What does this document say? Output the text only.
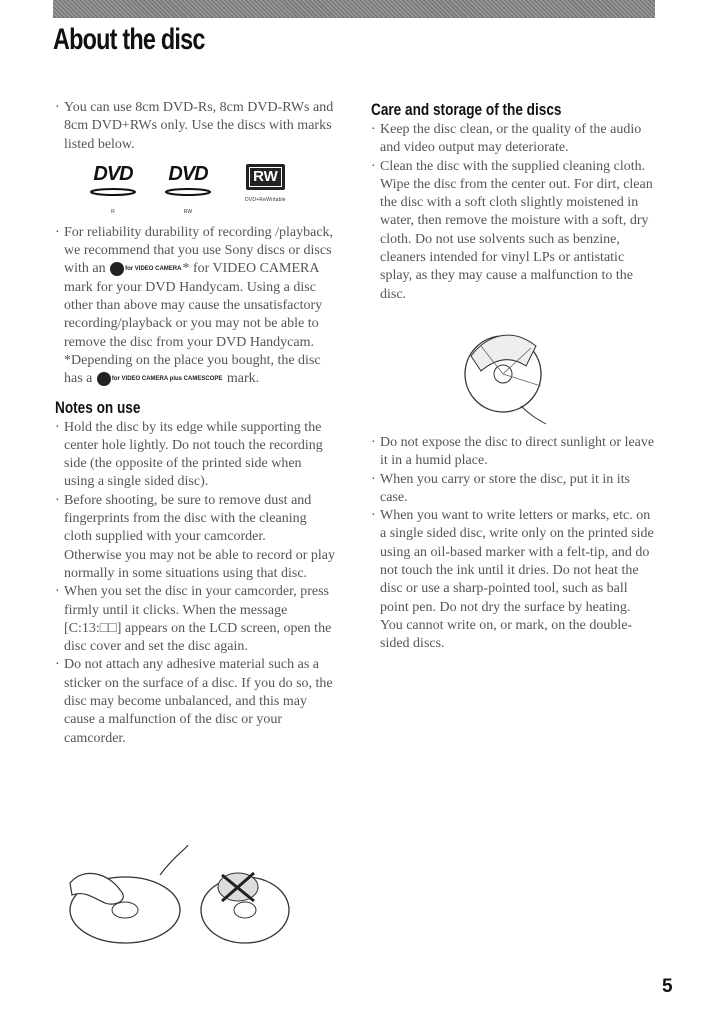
About the disc

· You can use 8cm DVD-Rs, 8cm DVD-RWs and 8cm DVD+RWs only. Use the discs with marks listed below.

DVD
R
DVD
RW
RW
DVD+ReWritable

· For reliability durability of recording /playback, we recommend that you use Sony discs or discs with an	for VIDEO CAMERA* for VIDEO CAMERA mark for your DVD Handycam. Using a disc other than above may cause the unsatisfactory recording/playback or you may not be able to remove the disc from your DVD Handycam.

*Depending on the place you bought, the disc has a	for VIDEO CAMERA plus CAMESCOPE mark.

Notes on use

· Hold the disc by its edge while supporting the center hole lightly. Do not touch the recording side (the opposite of the printed side when using a single sided disc).

· Before shooting, be sure to remove dust and fingerprints from the disc with the cleaning cloth supplied with your camcorder.

Otherwise you may not be able to record or play normally in some situations using that disc.

· When you set the disc in your camcorder, press firmly until it clicks. When the message [C:13:□□] appears on the LCD screen, open the disc cover and set the disc again.

· Do not attach any adhesive material such as a sticker on the surface of a disc. If you do so, the disc may become unbalanced, and this may cause a malfunction of the disc or your camcorder.

Care and storage of the discs

· Keep the disc clean, or the quality of the audio and video output may deteriorate.

· Clean the disc with the supplied cleaning cloth.

Wipe the disc from the center out. For dirt, clean the disc with a soft cloth slightly moistened in water, then remove the moisture with a soft, dry cloth. Do not use solvents such as benzine, cleaners intended for vinyl LPs or antistatic splay, as they may cause a malfunction to the disc.

· Do not expose the disc to direct sunlight or leave it in a humid place.

· When you carry or store the disc, put it in its case.

· When you want to write letters or marks, etc. on a single sided disc, write only on the printed side using an oil-based marker with a felt-tip, and do not touch the ink until it dries. Do not heat the disc or use a sharp-pointed tool, such as ball point pen. Do not dry the surface by heating. You cannot write on, or mark, on the double-sided discs.

5
